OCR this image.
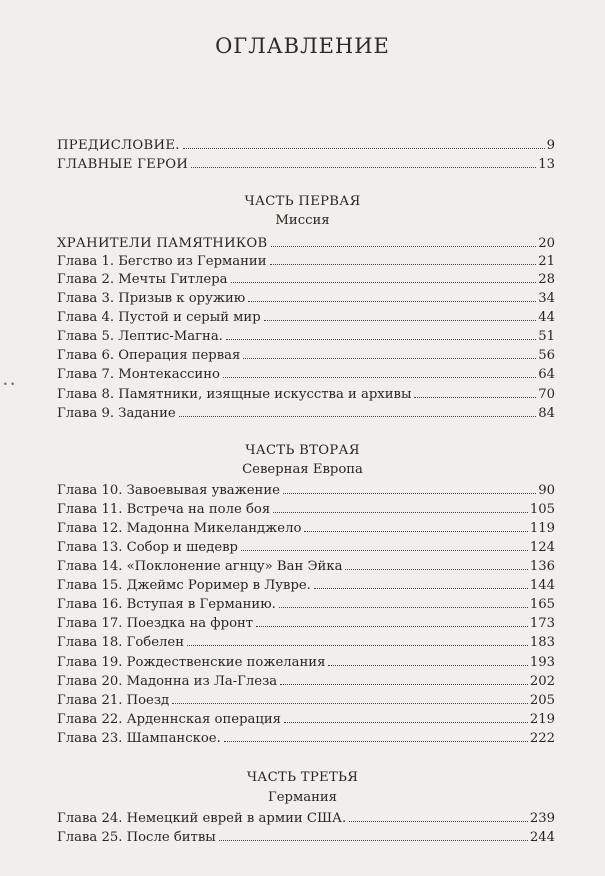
ОГЛАВЛЕНИЕ
ПРЕДИСЛОВИЕ.	9
ГЛАВНЫЕ ГЕРОИ	13
ЧАСТЬ ПЕРВАЯ
Миссия
ХРАНИТЕЛИ ПАМЯТНИКОВ	20
Глава 1. Бегство из Германии	21
Глава 2. Мечты Гитлера	28
Глава 3. Призыв к оружию	34
Глава 4. Пустой и серый мир	44
Глава 5. Лептис-Магна.	51
Глава 6. Операция первая	56
Глава 7. Монтекассино	64
Глава 8. Памятники, изящные искусства и архивы	70
Глава 9. Задание	84
ЧАСТЬ ВТОРАЯ
Северная Европа
Глава 10. Завоевывая уважение	90
Глава 11. Встреча на поле боя	105
Глава 12. Мадонна Микеланджело	119
Глава 13. Собор и шедевр	124
Глава 14. «Поклонение агнцу» Ван Эйка	136
Глава 15. Джеймс Роример в Лувре.	144
Глава 16. Вступая в Германию.	165
Глава 17. Поездка на фронт	173
Глава 18. Гобелен	183
Глава 19. Рождественские пожелания	193
Глава 20. Мадонна из Ла-Глеза	202
Глава 21. Поезд	205
Глава 22. Арденнская операция	219
Глава 23. Шампанское.	222
ЧАСТЬ ТРЕТЬЯ
Германия
Глава 24. Немецкий еврей в армии США.	239
Глава 25. После битвы	244
• •
